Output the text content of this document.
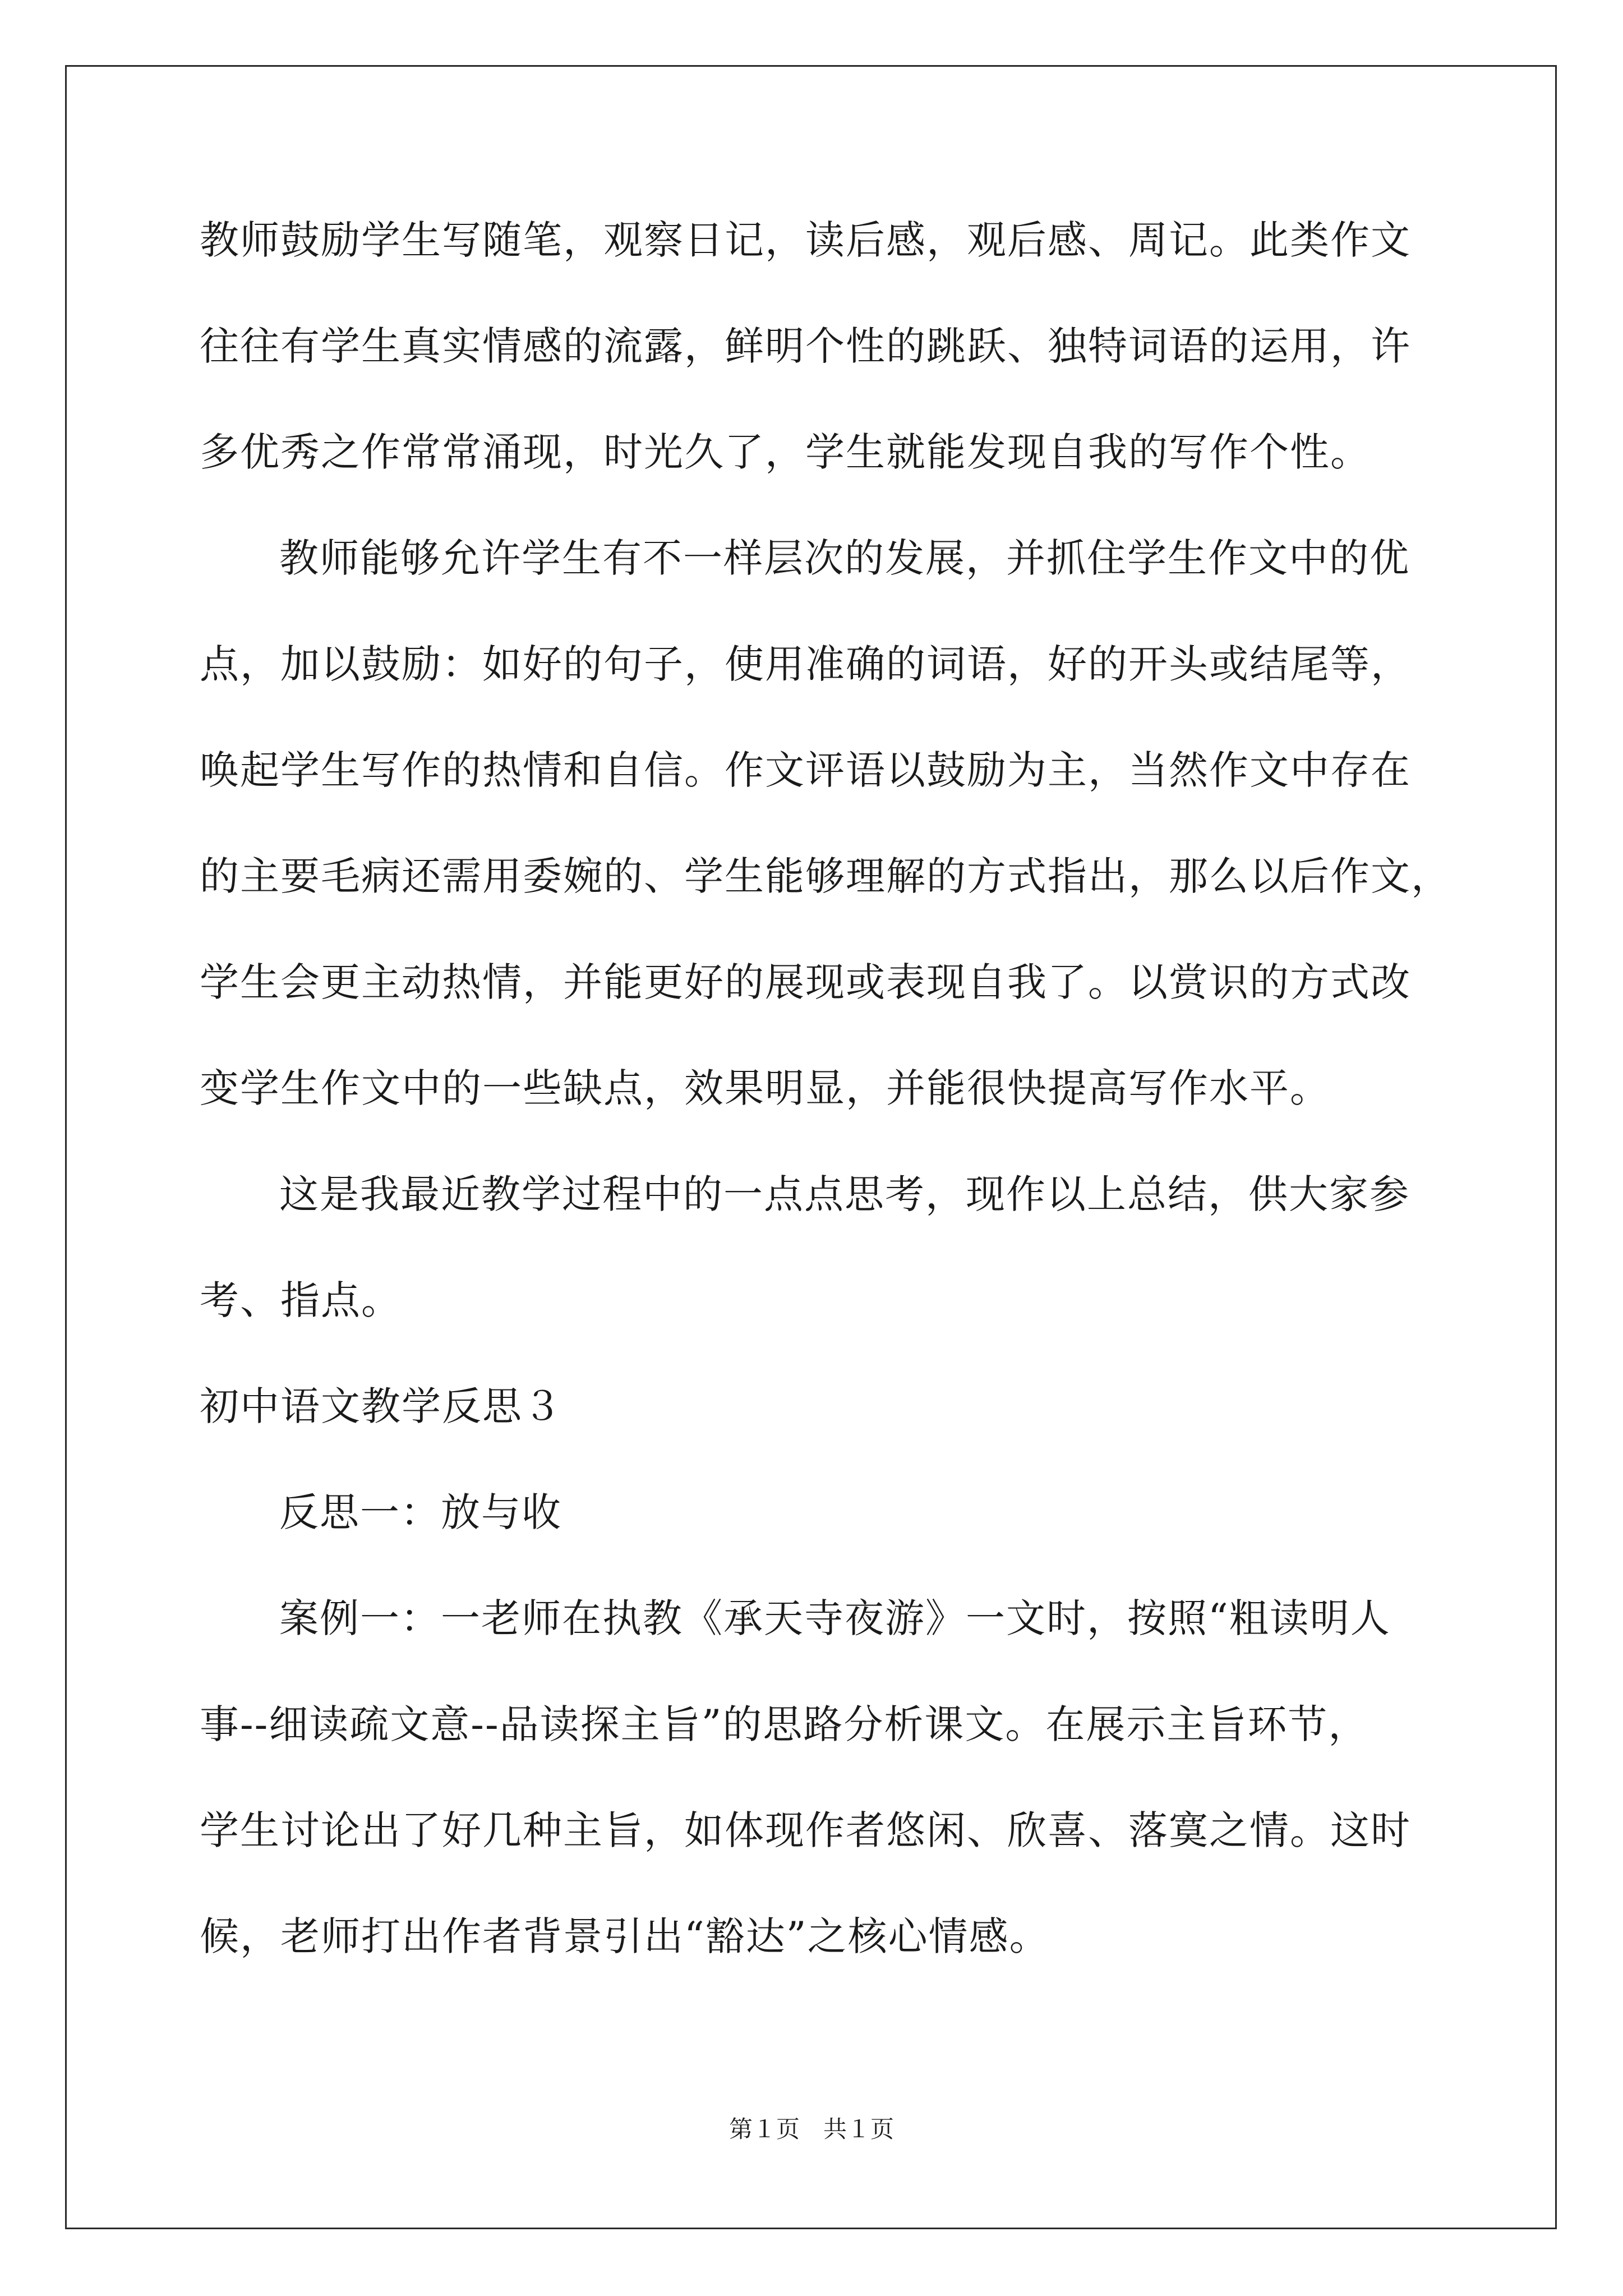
教师鼓励学生写随笔，观察日记，读后感，观后感、周记。此类作文
往往有学生真实情感的流露，鲜明个性的跳跃、独特词语的运用，许
多优秀之作常常涌现，时光久了，学生就能发现自我的写作个性。
教师能够允许学生有不一样层次的发展，并抓住学生作文中的优
点，加以鼓励：如好的句子，使用准确的词语，好的开头或结尾等，
唤起学生写作的热情和自信。作文评语以鼓励为主，当然作文中存在
的主要毛病还需用委婉的、学生能够理解的方式指出，那么以后作文，
学生会更主动热情，并能更好的展现或表现自我了。以赏识的方式改
变学生作文中的一些缺点，效果明显，并能很快提高写作水平。
这是我最近教学过程中的一点点思考，现作以上总结，供大家参
考、指点。
初中语文教学反思３
反思一：放与收
案例一：一老师在执教《承天寺夜游》一文时，按照“粗读明人
事--细读疏文意--品读探主旨”的思路分析课文。在展示主旨环节，
学生讨论出了好几种主旨，如体现作者悠闲、欣喜、落寞之情。这时
候，老师打出作者背景引出“豁达”之核心情感。
第１页　共１页
